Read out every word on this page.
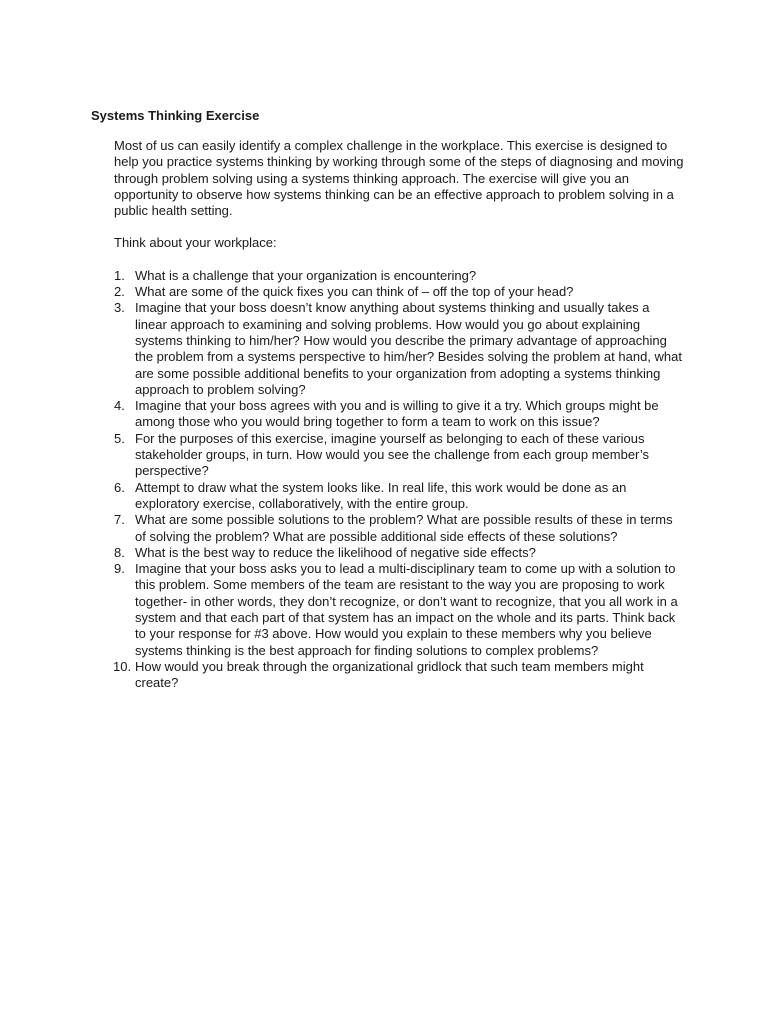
Systems Thinking Exercise

Most of us can easily identify a complex challenge in the workplace. This exercise is designed to help you practice systems thinking by working through some of the steps of diagnosing and moving through problem solving using a systems thinking approach. The exercise will give you an opportunity to observe how systems thinking can be an effective approach to problem solving in a public health setting.

Think about your workplace:

1. What is a challenge that your organization is encountering?
2. What are some of the quick fixes you can think of – off the top of your head?
3. Imagine that your boss doesn’t know anything about systems thinking and usually takes a linear approach to examining and solving problems. How would you go about explaining systems thinking to him/her? How would you describe the primary advantage of approaching the problem from a systems perspective to him/her? Besides solving the problem at hand, what are some possible additional benefits to your organization from adopting a systems thinking approach to problem solving?
4. Imagine that your boss agrees with you and is willing to give it a try. Which groups might be among those who you would bring together to form a team to work on this issue?
5. For the purposes of this exercise, imagine yourself as belonging to each of these various stakeholder groups, in turn. How would you see the challenge from each group member’s perspective?
6. Attempt to draw what the system looks like. In real life, this work would be done as an exploratory exercise, collaboratively, with the entire group.
7. What are some possible solutions to the problem? What are possible results of these in terms of solving the problem? What are possible additional side effects of these solutions?
8. What is the best way to reduce the likelihood of negative side effects?
9. Imagine that your boss asks you to lead a multi-disciplinary team to come up with a solution to this problem. Some members of the team are resistant to the way you are proposing to work together- in other words, they don’t recognize, or don’t want to recognize, that you all work in a system and that each part of that system has an impact on the whole and its parts. Think back to your response for #3 above. How would you explain to these members why you believe systems thinking is the best approach for finding solutions to complex problems?
10. How would you break through the organizational gridlock that such team members might create?
